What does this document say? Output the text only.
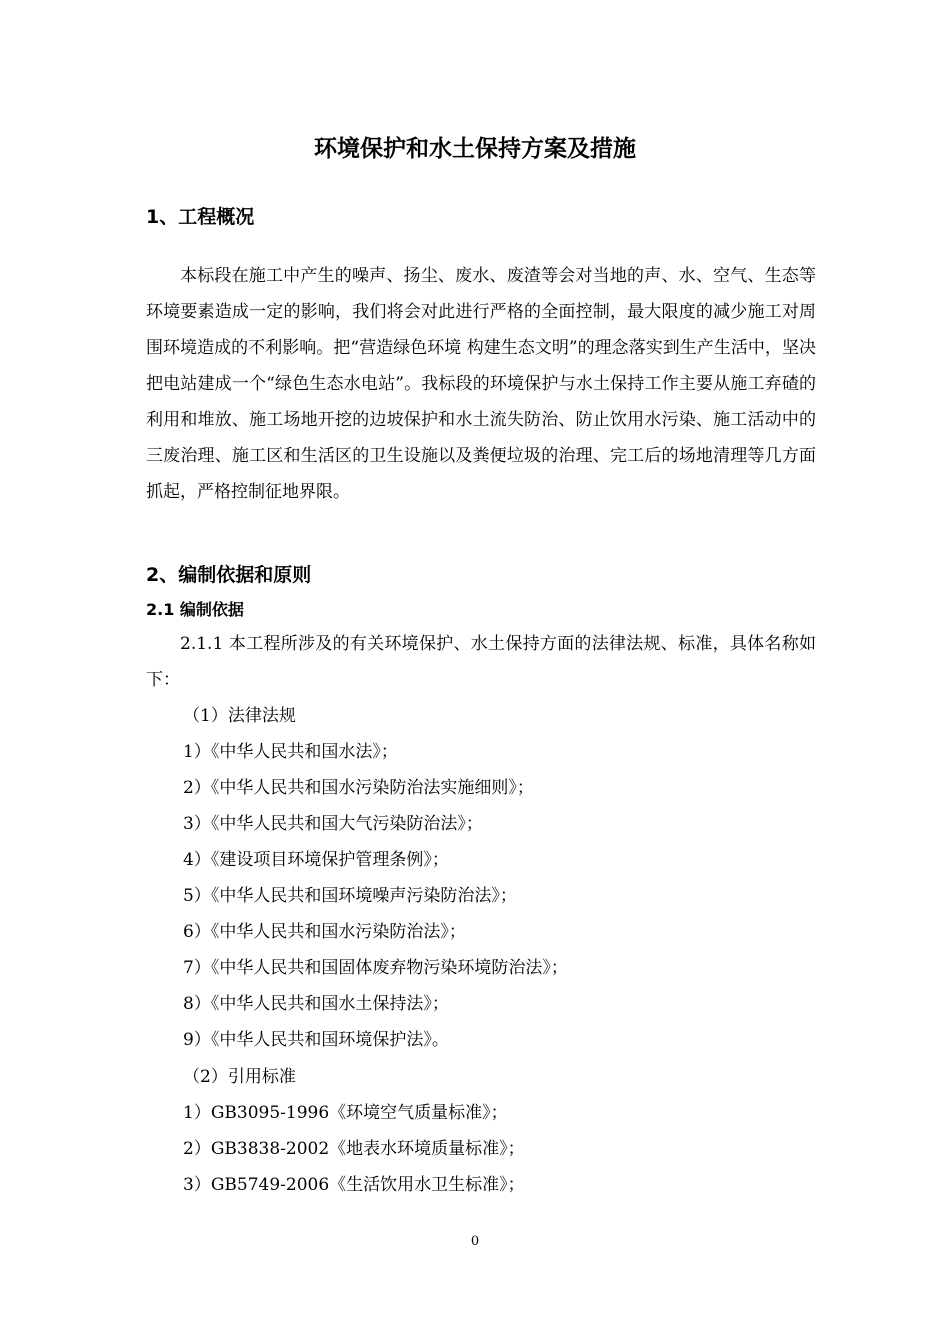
环境保护和水土保持方案及措施
1、工程概况

本标段在施工中产生的噪声、扬尘、废水、废渣等会对当地的声、水、空气、生态等环境要素造成一定的影响，我们将会对此进行严格的全面控制，最大限度的减少施工对周围环境造成的不利影响。把“营造绿色环境 构建生态文明”的理念落实到生产生活中，坚决把电站建成一个“绿色生态水电站”。我标段的环境保护与水土保持工作主要从施工弃碴的利用和堆放、施工场地开挖的边坡保护和水土流失防治、防止饮用水污染、施工活动中的三废治理、施工区和生活区的卫生设施以及粪便垃圾的治理、完工后的场地清理等几方面抓起，严格控制征地界限。

2、编制依据和原则
2.1 编制依据

2.1.1 本工程所涉及的有关环境保护、水土保持方面的法律法规、标准，具体名称如下：

（1）法律法规

1）《中华人民共和国水法》；

2）《中华人民共和国水污染防治法实施细则》；

3）《中华人民共和国大气污染防治法》；

4）《建设项目环境保护管理条例》；

5）《中华人民共和国环境噪声污染防治法》；

6）《中华人民共和国水污染防治法》；

7）《中华人民共和国固体废弃物污染环境防治法》；

8）《中华人民共和国水土保持法》；

9）《中华人民共和国环境保护法》。

（2）引用标准

1）GB3095-1996《环境空气质量标准》；

2）GB3838-2002《地表水环境质量标准》；

3）GB5749-2006《生活饮用水卫生标准》；

0
